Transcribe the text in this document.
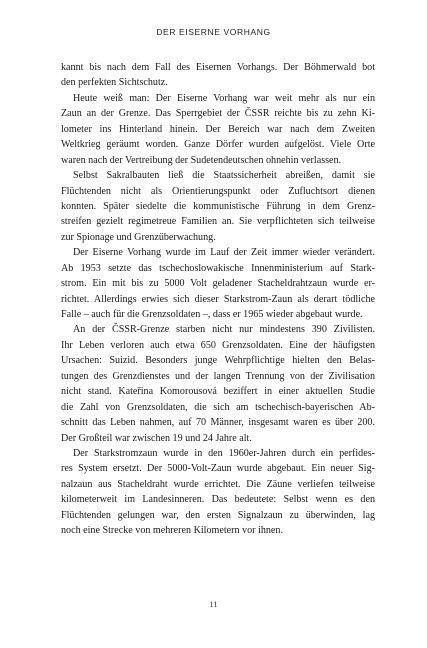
DER EISERNE VORHANG
kannt bis nach dem Fall des Eisernen Vorhangs. Der Böhmerwald bot
den perfekten Sichtschutz.
Heute weiß man: Der Eiserne Vorhang war weit mehr als nur ein
Zaun an der Grenze. Das Sperrgebiet der ČSSR reichte bis zu zehn Ki-
lometer ins Hinterland hinein. Der Bereich war nach dem Zweiten
Weltkrieg geräumt worden. Ganze Dörfer wurden aufgelöst. Viele Orte
waren nach der Vertreibung der Sudetendeutschen ohnehin verlassen.
Selbst Sakralbauten ließ die Staatssicherheit abreißen, damit sie
Flüchtenden nicht als Orientierungspunkt oder Zufluchtsort dienen
konnten. Später siedelte die kommunistische Führung in dem Grenz-
streifen gezielt regimetreue Familien an. Sie verpflichteten sich teilweise
zur Spionage und Grenzüberwachung.
Der Eiserne Vorhang wurde im Lauf der Zeit immer wieder verändert.
Ab 1953 setzte das tschechoslowakische Innenministerium auf Stark-
strom. Ein mit bis zu 5000 Volt geladener Stacheldrahtzaun wurde er-
richtet. Allerdings erwies sich dieser Starkstrom-Zaun als derart tödliche
Falle – auch für die Grenzsoldaten –, dass er 1965 wieder abgebaut wurde.
An der ČSSR-Grenze starben nicht nur mindestens 390 Zivilisten.
Ihr Leben verloren auch etwa 650 Grenzsoldaten. Eine der häufigsten
Ursachen: Suizid. Besonders junge Wehrpflichtige hielten den Belas-
tungen des Grenzdienstes und der langen Trennung von der Zivilisation
nicht stand. Kateřina Komorousová beziffert in einer aktuellen Studie
die Zahl von Grenzsoldaten, die sich am tschechisch-bayerischen Ab-
schnitt das Leben nahmen, auf 70 Männer, insgesamt waren es über 200.
Der Großteil war zwischen 19 und 24 Jahre alt.
Der Starkstromzaun wurde in den 1960er-Jahren durch ein perfides-
res System ersetzt. Der 5000-Volt-Zaun wurde abgebaut. Ein neuer Sig-
nalzaun aus Stacheldraht wurde errichtet. Die Zäune verliefen teilweise
kilometerweit im Landesinneren. Das bedeutete: Selbst wenn es den
Flüchtenden gelungen war, den ersten Signalzaun zu überwinden, lag
noch eine Strecke von mehreren Kilometern vor ihnen.
11
